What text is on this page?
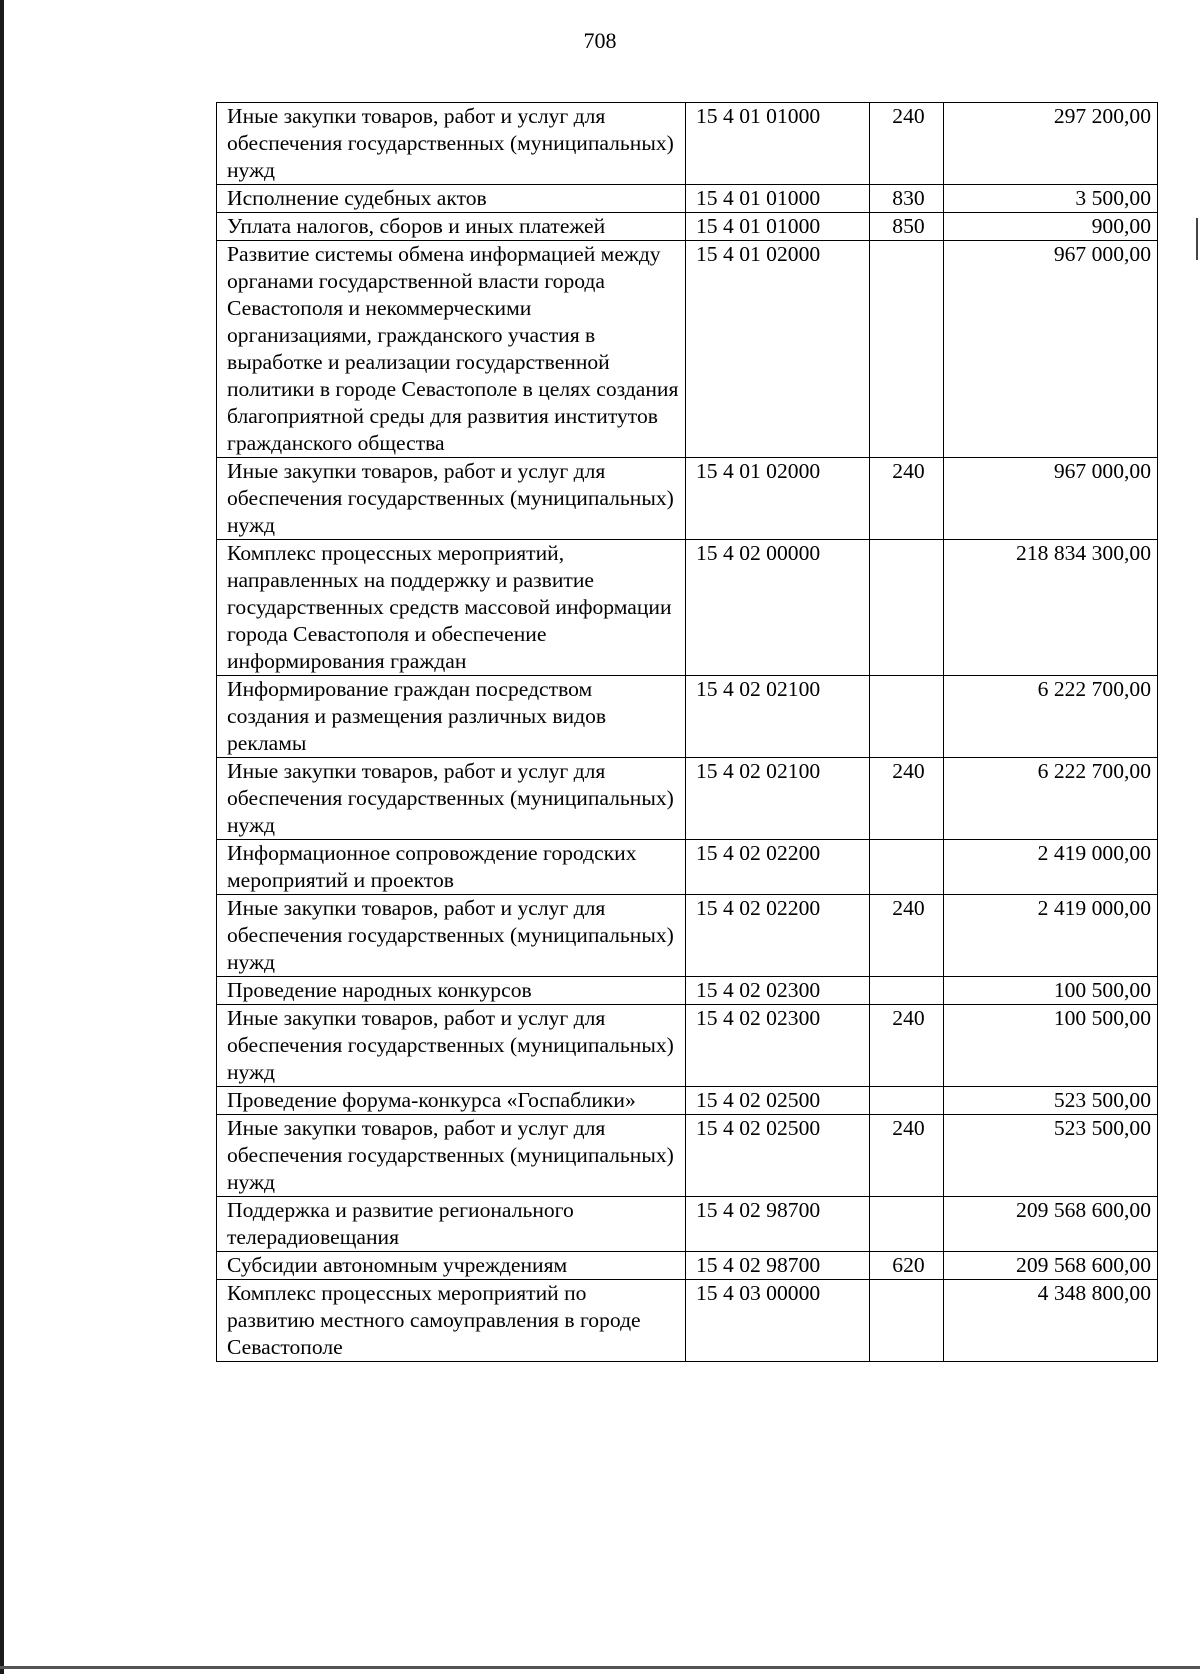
708
Иные закупки товаров, работ и услуг для обеспечения государственных (муниципальных) нужд	15 4 01 01000	240	297 200,00
Исполнение судебных актов	15 4 01 01000	830	3 500,00
Уплата налогов, сборов и иных платежей	15 4 01 01000	850	900,00
Развитие системы обмена информацией между органами государственной власти города Севастополя и некоммерческими организациями, гражданского участия в выработке и реализации государственной политики в городе Севастополе в целях создания благоприятной среды для развития институтов гражданского общества	15 4 01 02000		967 000,00
Иные закупки товаров, работ и услуг для обеспечения государственных (муниципальных) нужд	15 4 01 02000	240	967 000,00
Комплекс процессных мероприятий, направленных на поддержку и развитие государственных средств массовой информации города Севастополя и обеспечение информирования граждан	15 4 02 00000		218 834 300,00
Информирование граждан посредством создания и размещения различных видов рекламы	15 4 02 02100		6 222 700,00
Иные закупки товаров, работ и услуг для обеспечения государственных (муниципальных) нужд	15 4 02 02100	240	6 222 700,00
Информационное сопровождение городских мероприятий и проектов	15 4 02 02200		2 419 000,00
Иные закупки товаров, работ и услуг для обеспечения государственных (муниципальных) нужд	15 4 02 02200	240	2 419 000,00
Проведение народных конкурсов	15 4 02 02300		100 500,00
Иные закупки товаров, работ и услуг для обеспечения государственных (муниципальных) нужд	15 4 02 02300	240	100 500,00
Проведение форума-конкурса «Госпаблики»	15 4 02 02500		523 500,00
Иные закупки товаров, работ и услуг для обеспечения государственных (муниципальных) нужд	15 4 02 02500	240	523 500,00
Поддержка и развитие регионального телерадиовещания	15 4 02 98700		209 568 600,00
Субсидии автономным учреждениям	15 4 02 98700	620	209 568 600,00
Комплекс процессных мероприятий по развитию местного самоуправления в городе Севастополе	15 4 03 00000		4 348 800,00
